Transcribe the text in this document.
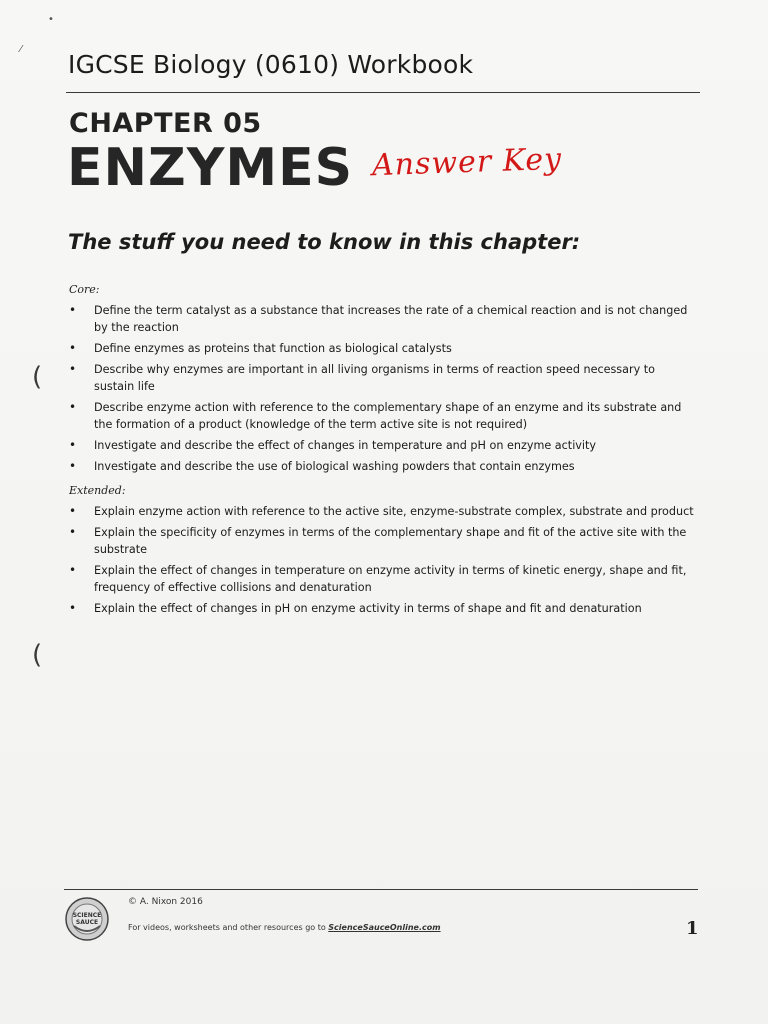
•
⁄
IGCSE Biology (0610) Workbook
CHAPTER 05
ENZYMES Answer Key
The stuff you need to know in this chapter:
Core:
• Define the term catalyst as a substance that increases the rate of a chemical reaction and is not changed by the reaction
• Define enzymes as proteins that function as biological catalysts
• Describe why enzymes are important in all living organisms in terms of reaction speed necessary to sustain life
• Describe enzyme action with reference to the complementary shape of an enzyme and its substrate and the formation of a product (knowledge of the term active site is not required)
• Investigate and describe the effect of changes in temperature and pH on enzyme activity
• Investigate and describe the use of biological washing powders that contain enzymes
Extended:
• Explain enzyme action with reference to the active site, enzyme-substrate complex, substrate and product
• Explain the specificity of enzymes in terms of the complementary shape and fit of the active site with the substrate
• Explain the effect of changes in temperature on enzyme activity in terms of kinetic energy, shape and fit, frequency of effective collisions and denaturation
• Explain the effect of changes in pH on enzyme activity in terms of shape and fit and denaturation
(
(
SCIENCE
SAUCE
© A. Nixon 2016
For videos, worksheets and other resources go to ScienceSauceOnline.com	1
